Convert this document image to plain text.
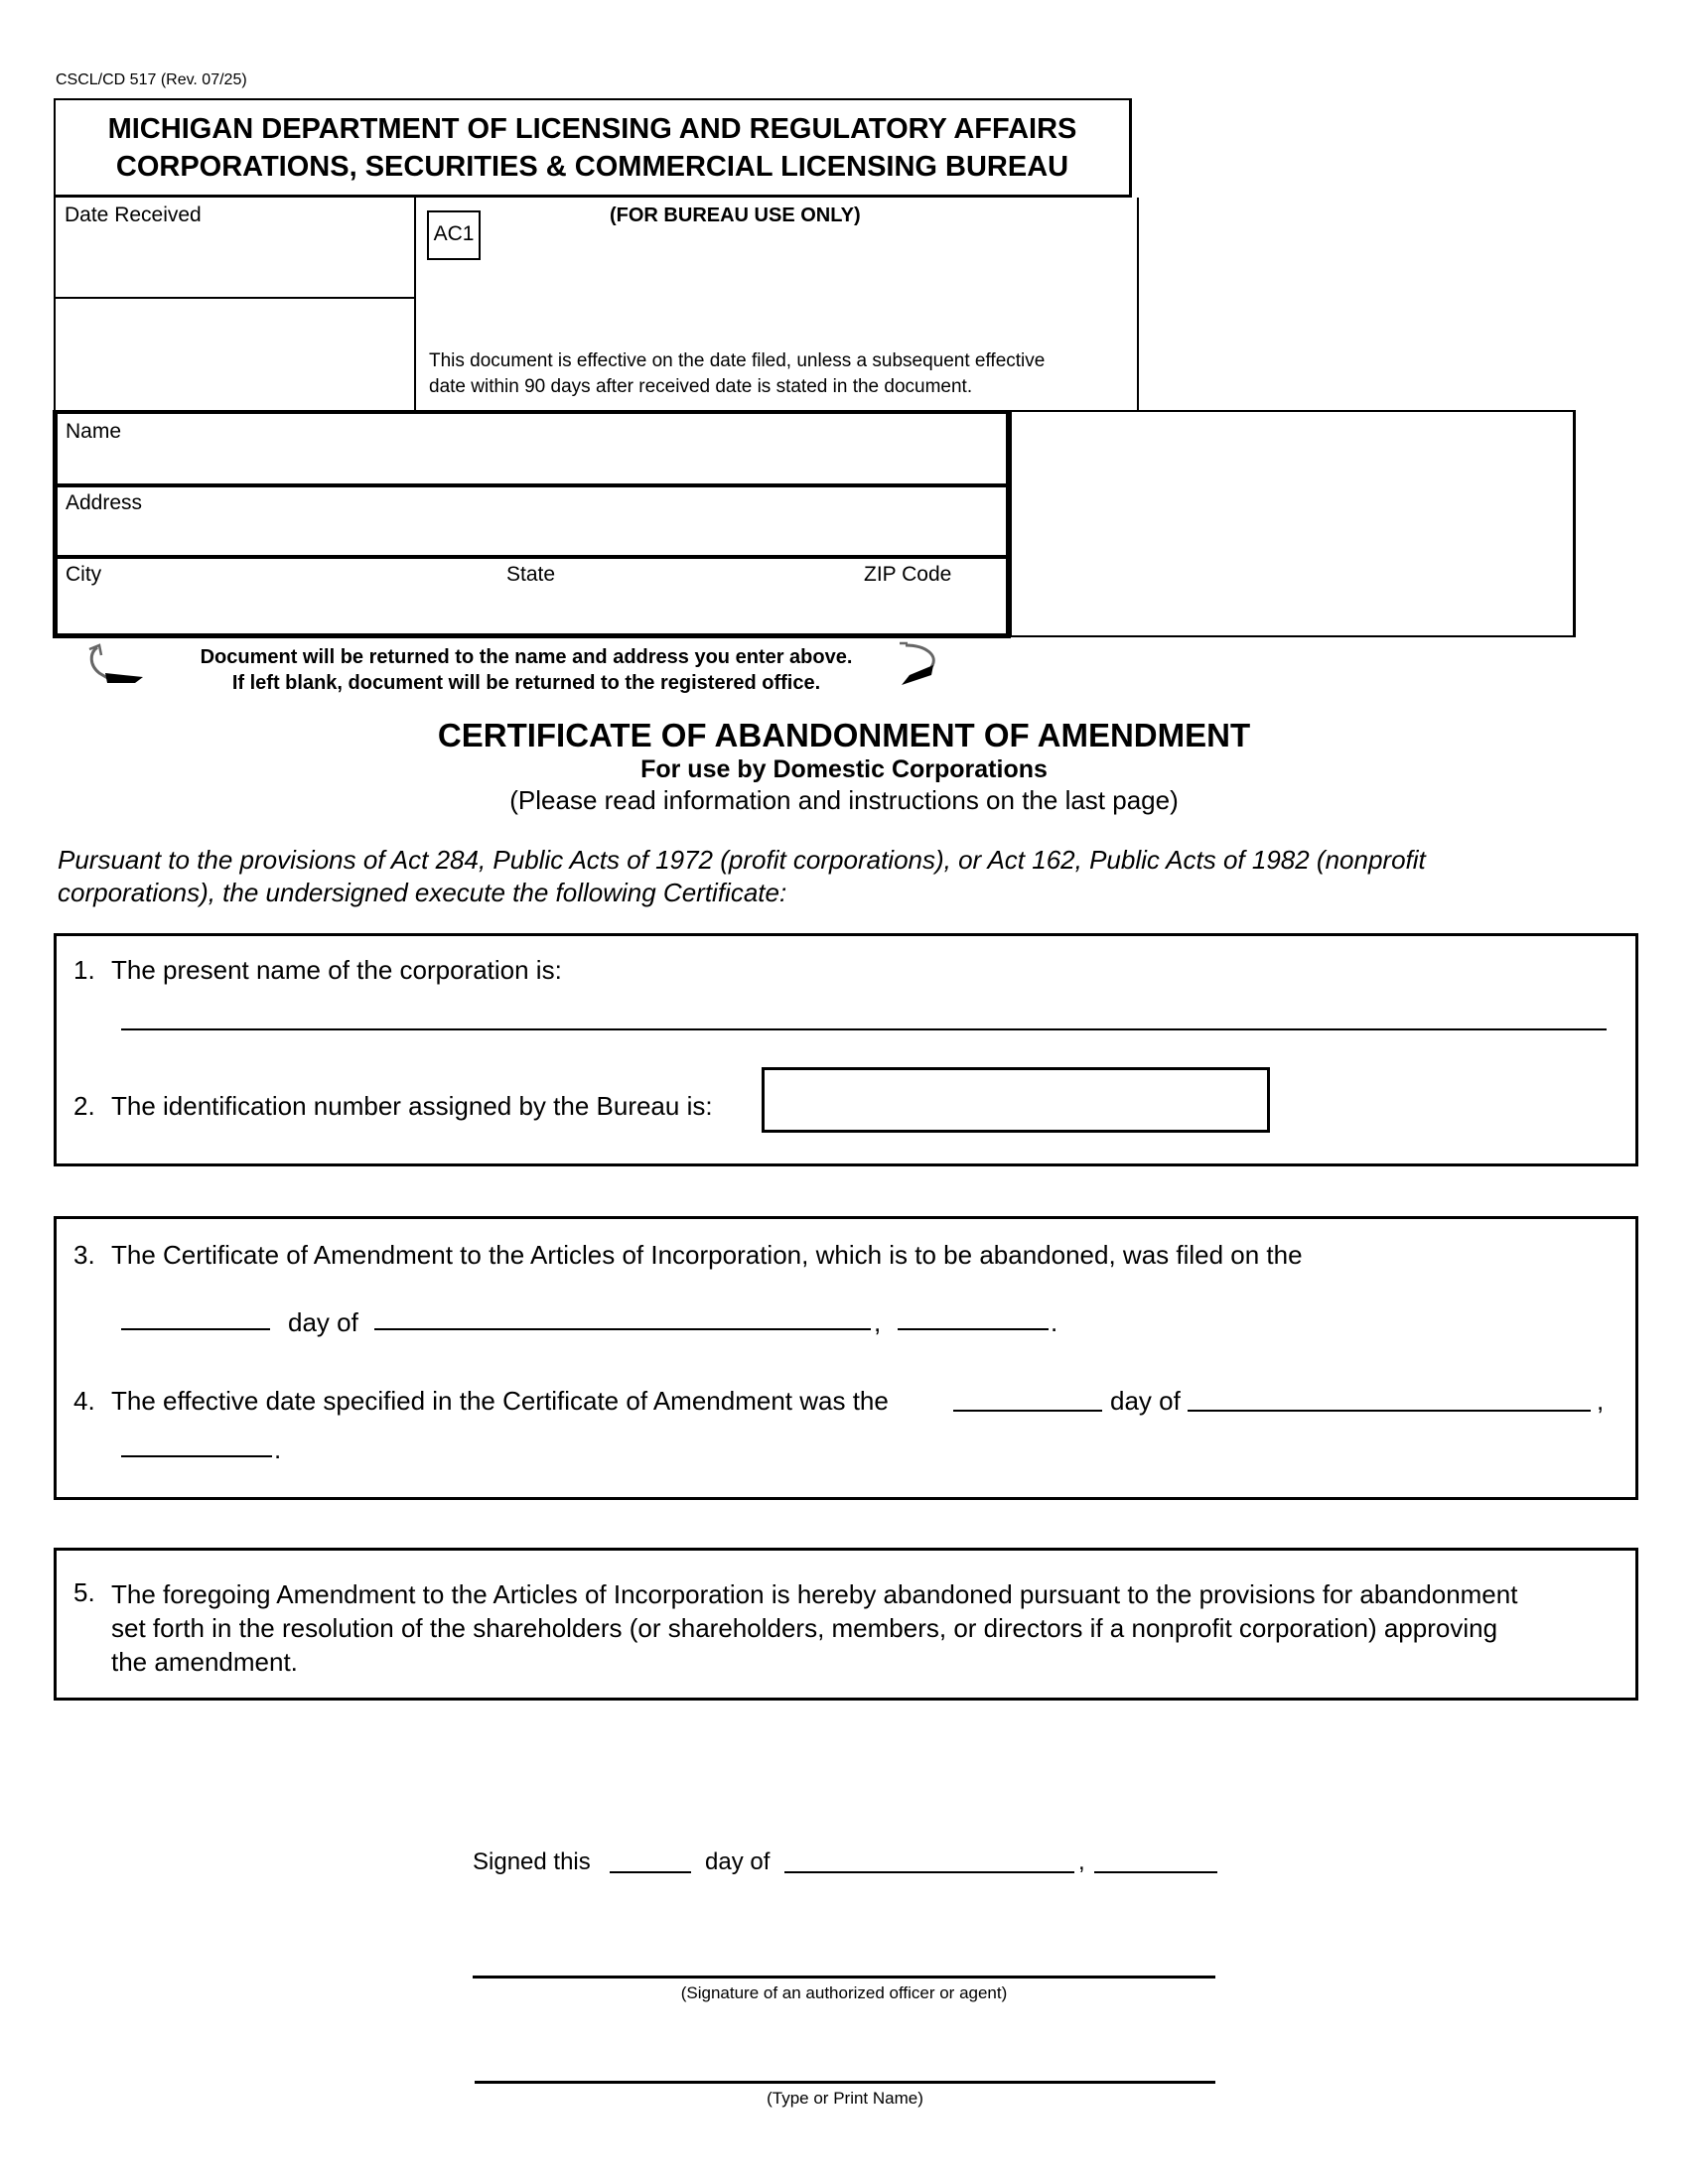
CSCL/CD 517 (Rev. 07/25)
MICHIGAN DEPARTMENT OF LICENSING AND REGULATORY AFFAIRS
CORPORATIONS, SECURITIES & COMMERCIAL LICENSING BUREAU
Date Received
AC1
(FOR BUREAU USE ONLY)
This document is effective on the date filed, unless a subsequent effective
date within 90 days after received date is stated in the document.
Name
Address
City	State	ZIP Code
Document will be returned to the name and address you enter above.
If left blank, document will be returned to the registered office.
CERTIFICATE OF ABANDONMENT OF AMENDMENT
For use by Domestic Corporations
(Please read information and instructions on the last page)
Pursuant to the provisions of Act 284, Public Acts of 1972 (profit corporations), or Act 162, Public Acts of 1982 (nonprofit
corporations), the undersigned execute the following Certificate:
1. The present name of the corporation is:
2. The identification number assigned by the Bureau is:
3. The Certificate of Amendment to the Articles of Incorporation, which is to be abandoned, was filed on the
day of	,	.
4. The effective date specified in the Certificate of Amendment was the	day of	,
.
5. The foregoing Amendment to the Articles of Incorporation is hereby abandoned pursuant to the provisions for abandonment
set forth in the resolution of the shareholders (or shareholders, members, or directors if a nonprofit corporation) approving
the amendment.
Signed this	day of	,
(Signature of an authorized officer or agent)
(Type or Print Name)
